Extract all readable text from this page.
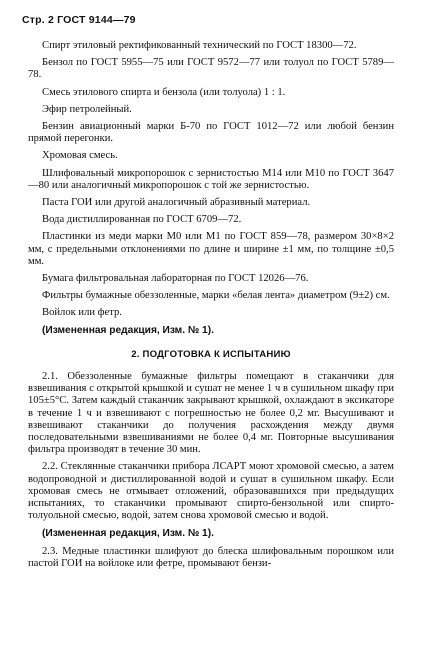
Стр. 2 ГОСТ 9144—79

Спирт этиловый ректификованный технический по ГОСТ 18300—72.

Бензол по ГОСТ 5955—75 или ГОСТ 9572—77 или толуол по ГОСТ 5789—78.

Смесь этилового спирта и бензола (или толуола) 1 : 1.

Эфир петролейный.

Бензин авиационный марки Б-70 по ГОСТ 1012—72 или любой бензин прямой перегонки.

Хромовая смесь.

Шлифовальный микропорошок с зернистостью М14 или М10 по ГОСТ 3647—80 или аналогичный микропорошок с той же зернистостью.

Паста ГОИ или другой аналогичный абразивный материал.

Вода дистиллированная по ГОСТ 6709—72.

Пластинки из меди марки М0 или М1 по ГОСТ 859—78, размером 30×8×2 мм, с предельными отклонениями по длине и ширине ±1 мм, по толщине ±0,5 мм.

Бумага фильтровальная лабораторная по ГОСТ 12026—76.

Фильтры бумажные обеззоленные, марки «белая лента» диаметром (9±2) см.

Войлок или фетр.

(Измененная редакция, Изм. № 1).

2. ПОДГОТОВКА К ИСПЫТАНИЮ

2.1. Обеззоленные бумажные фильтры помещают в стаканчики для взвешивания с открытой крышкой и сушат не менее 1 ч в сушильном шкафу при 105±5°С. Затем каждый стаканчик закрывают крышкой, охлаждают в эксикаторе в течение 1 ч и взвешивают с погрешностью не более 0,2 мг. Высушивают и взвешивают стаканчики до получения расхождения между двумя последовательными взвешиваниями не более 0,4 мг. Повторные высушивания фильтра производят в течение 30 мин.

2.2. Стеклянные стаканчики прибора ЛСАРТ моют хромовой смесью, а затем водопроводной и дистиллированной водой и сушат в сушильном шкафу. Если хромовая смесь не отмывает отложений, образовавшихся при предыдущих испытаниях, то стаканчики промывают спирто-бензольной или спирто-толуольной смесью, водой, затем снова хромовой смесью и водой.

(Измененная редакция, Изм. № 1).

2.3. Медные пластинки шлифуют до блеска шлифовальным порошком или пастой ГОИ на войлоке или фетре, промывают бензи-
